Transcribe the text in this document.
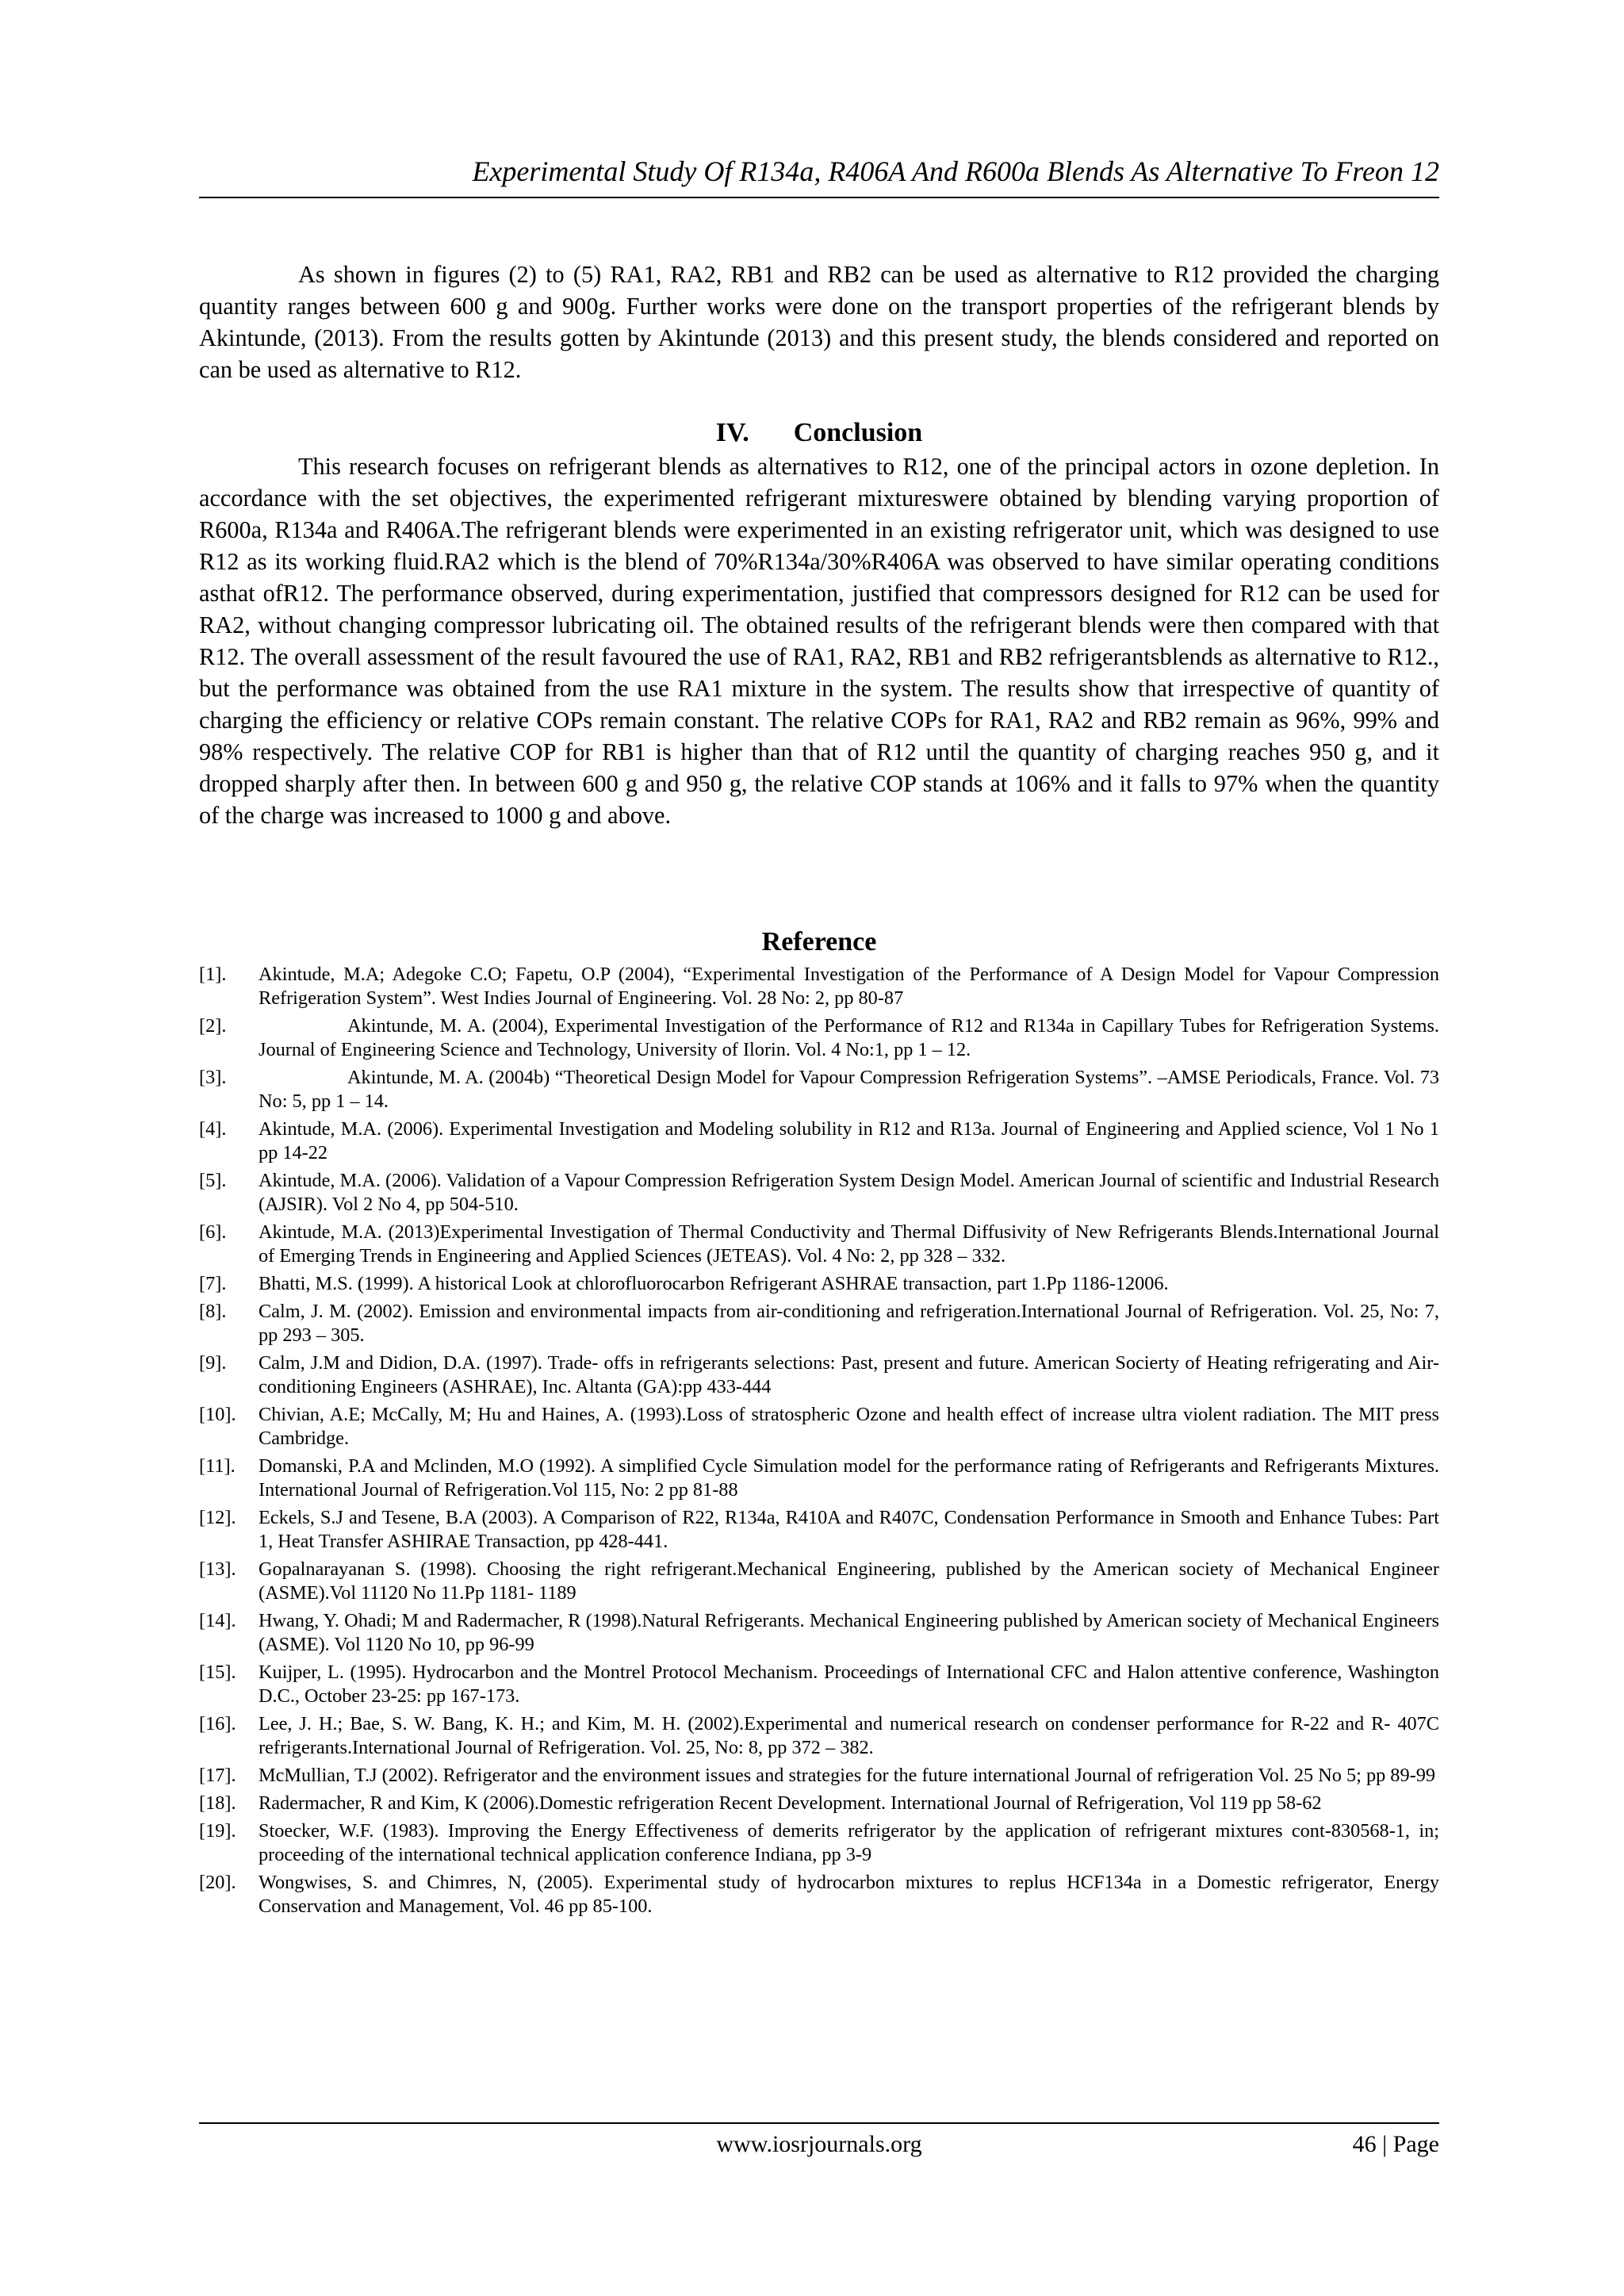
Experimental Study Of R134a, R406A And R600a Blends As Alternative To Freon 12

As shown in figures (2) to (5) RA1, RA2, RB1 and RB2 can be used as alternative to R12 provided the charging quantity ranges between 600 g and 900g. Further works were done on the transport properties of the refrigerant blends by Akintunde, (2013). From the results gotten by Akintunde (2013) and this present study, the blends considered and reported on can be used as alternative to R12.

IV. Conclusion

This research focuses on refrigerant blends as alternatives to R12, one of the principal actors in ozone depletion. In accordance with the set objectives, the experimented refrigerant mixtureswere obtained by blending varying proportion of R600a, R134a and R406A.The refrigerant blends were experimented in an existing refrigerator unit, which was designed to use R12 as its working fluid.RA2 which is the blend of 70%R134a/30%R406A was observed to have similar operating conditions asthat ofR12. The performance observed, during experimentation, justified that compressors designed for R12 can be used for RA2, without changing compressor lubricating oil. The obtained results of the refrigerant blends were then compared with that R12. The overall assessment of the result favoured the use of RA1, RA2, RB1 and RB2 refrigerantsblends as alternative to R12., but the performance was obtained from the use RA1 mixture in the system. The results show that irrespective of quantity of charging the efficiency or relative COPs remain constant. The relative COPs for RA1, RA2 and RB2 remain as 96%, 99% and 98% respectively. The relative COP for RB1 is higher than that of R12 until the quantity of charging reaches 950 g, and it dropped sharply after then. In between 600 g and 950 g, the relative COP stands at 106% and it falls to 97% when the quantity of the charge was increased to 1000 g and above.

Reference
[1].	Akintude, M.A; Adegoke C.O; Fapetu, O.P (2004), “Experimental Investigation of the Performance of A Design Model for Vapour Compression Refrigeration System”. West Indies Journal of Engineering. Vol. 28 No: 2, pp 80-87
[2].	Akintunde, M. A. (2004), Experimental Investigation of the Performance of R12 and R134a in Capillary Tubes for Refrigeration Systems. Journal of Engineering Science and Technology, University of Ilorin. Vol. 4 No:1, pp 1 – 12.
[3].	Akintunde, M. A. (2004b) “Theoretical Design Model for Vapour Compression Refrigeration Systems”. –AMSE Periodicals, France. Vol. 73 No: 5, pp 1 – 14.
[4].	Akintude, M.A. (2006). Experimental Investigation and Modeling solubility in R12 and R13a. Journal of Engineering and Applied science, Vol 1 No 1 pp 14-22
[5].	Akintude, M.A. (2006). Validation of a Vapour Compression Refrigeration System Design Model. American Journal of scientific and Industrial Research (AJSIR). Vol 2 No 4, pp 504-510.
[6].	Akintude, M.A. (2013)Experimental Investigation of Thermal Conductivity and Thermal Diffusivity of New Refrigerants Blends.International Journal of Emerging Trends in Engineering and Applied Sciences (JETEAS). Vol. 4 No: 2, pp 328 – 332.
[7].	Bhatti, M.S. (1999). A historical Look at chlorofluorocarbon Refrigerant ASHRAE transaction, part 1.Pp 1186-12006.
[8].	Calm, J. M. (2002). Emission and environmental impacts from air-conditioning and refrigeration.International Journal of Refrigeration. Vol. 25, No: 7, pp 293 – 305.
[9].	Calm, J.M and Didion, D.A. (1997). Trade- offs in refrigerants selections: Past, present and future. American Socierty of Heating refrigerating and Air-conditioning Engineers (ASHRAE), Inc. Altanta (GA):pp 433-444
[10].	Chivian, A.E; McCally, M; Hu and Haines, A. (1993).Loss of stratospheric Ozone and health effect of increase ultra violent radiation. The MIT press Cambridge.
[11].	Domanski, P.A and Mclinden, M.O (1992). A simplified Cycle Simulation model for the performance rating of Refrigerants and Refrigerants Mixtures. International Journal of Refrigeration.Vol 115, No: 2 pp 81-88
[12].	Eckels, S.J and Tesene, B.A (2003). A Comparison of R22, R134a, R410A and R407C, Condensation Performance in Smooth and Enhance Tubes: Part 1, Heat Transfer ASHIRAE Transaction, pp 428-441.
[13].	Gopalnarayanan S. (1998). Choosing the right refrigerant.Mechanical Engineering, published by the American society of Mechanical Engineer (ASME).Vol 11120 No 11.Pp 1181- 1189
[14].	Hwang, Y. Ohadi; M and Radermacher, R (1998).Natural Refrigerants. Mechanical Engineering published by American society of Mechanical Engineers (ASME). Vol 1120 No 10, pp 96-99
[15].	Kuijper, L. (1995). Hydrocarbon and the Montrel Protocol Mechanism. Proceedings of International CFC and Halon attentive conference, Washington D.C., October 23-25: pp 167-173.
[16].	Lee, J. H.; Bae, S. W. Bang, K. H.; and Kim, M. H. (2002).Experimental and numerical research on condenser performance for R-22 and R- 407C refrigerants.International Journal of Refrigeration. Vol. 25, No: 8, pp 372 – 382.
[17].	McMullian, T.J (2002). Refrigerator and the environment issues and strategies for the future international Journal of refrigeration Vol. 25 No 5; pp 89-99
[18].	Radermacher, R and Kim, K (2006).Domestic refrigeration Recent Development. International Journal of Refrigeration, Vol 119 pp 58-62
[19].	Stoecker, W.F. (1983). Improving the Energy Effectiveness of demerits refrigerator by the application of refrigerant mixtures cont-830568-1, in; proceeding of the international technical application conference Indiana, pp 3-9
[20].	Wongwises, S. and Chimres, N, (2005). Experimental study of hydrocarbon mixtures to replus HCF134a in a Domestic refrigerator, Energy Conservation and Management, Vol. 46 pp 85-100.
www.iosrjournals.org	46 | Page
